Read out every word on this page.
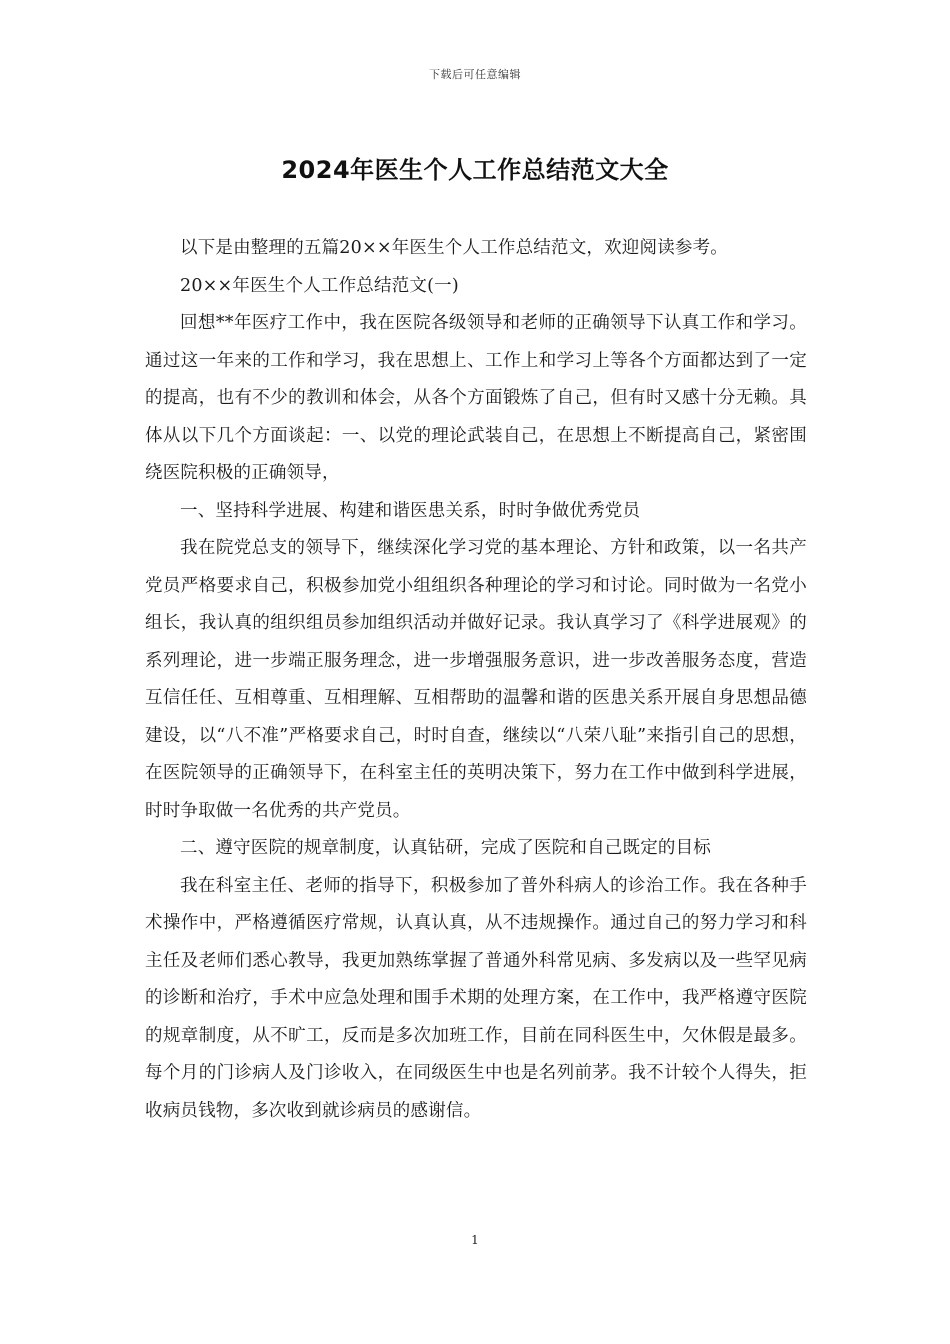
下载后可任意编辑
2024年医生个人工作总结范文大全

以下是由整理的五篇20××年医生个人工作总结范文，欢迎阅读参考。

20××年医生个人工作总结范文(一)

回想**年医疗工作中，我在医院各级领导和老师的正确领导下认真工作和学习。通过这一年来的工作和学习，我在思想上、工作上和学习上等各个方面都达到了一定的提高，也有不少的教训和体会，从各个方面锻炼了自己，但有时又感十分无赖。具体从以下几个方面谈起：一、以党的理论武装自己，在思想上不断提高自己，紧密围绕医院积极的正确领导，

一、坚持科学进展、构建和谐医患关系，时时争做优秀党员

我在院党总支的领导下，继续深化学习党的基本理论、方针和政策，以一名共产党员严格要求自己，积极参加党小组组织各种理论的学习和讨论。同时做为一名党小组长，我认真的组织组员参加组织活动并做好记录。我认真学习了《科学进展观》的系列理论，进一步端正服务理念，进一步增强服务意识，进一步改善服务态度，营造互信任任、互相尊重、互相理解、互相帮助的温馨和谐的医患关系开展自身思想品德建设，以“八不准”严格要求自己，时时自查，继续以“八荣八耻”来指引自己的思想，在医院领导的正确领导下，在科室主任的英明决策下，努力在工作中做到科学进展，时时争取做一名优秀的共产党员。

二、遵守医院的规章制度，认真钻研，完成了医院和自己既定的目标

我在科室主任、老师的指导下，积极参加了普外科病人的诊治工作。我在各种手术操作中，严格遵循医疗常规，认真认真，从不违规操作。通过自己的努力学习和科主任及老师们悉心教导，我更加熟练掌握了普通外科常见病、多发病以及一些罕见病的诊断和治疗，手术中应急处理和围手术期的处理方案，在工作中，我严格遵守医院的规章制度，从不旷工，反而是多次加班工作，目前在同科医生中，欠休假是最多。每个月的门诊病人及门诊收入，在同级医生中也是名列前茅。我不计较个人得失，拒收病员钱物，多次收到就诊病员的感谢信。

1
